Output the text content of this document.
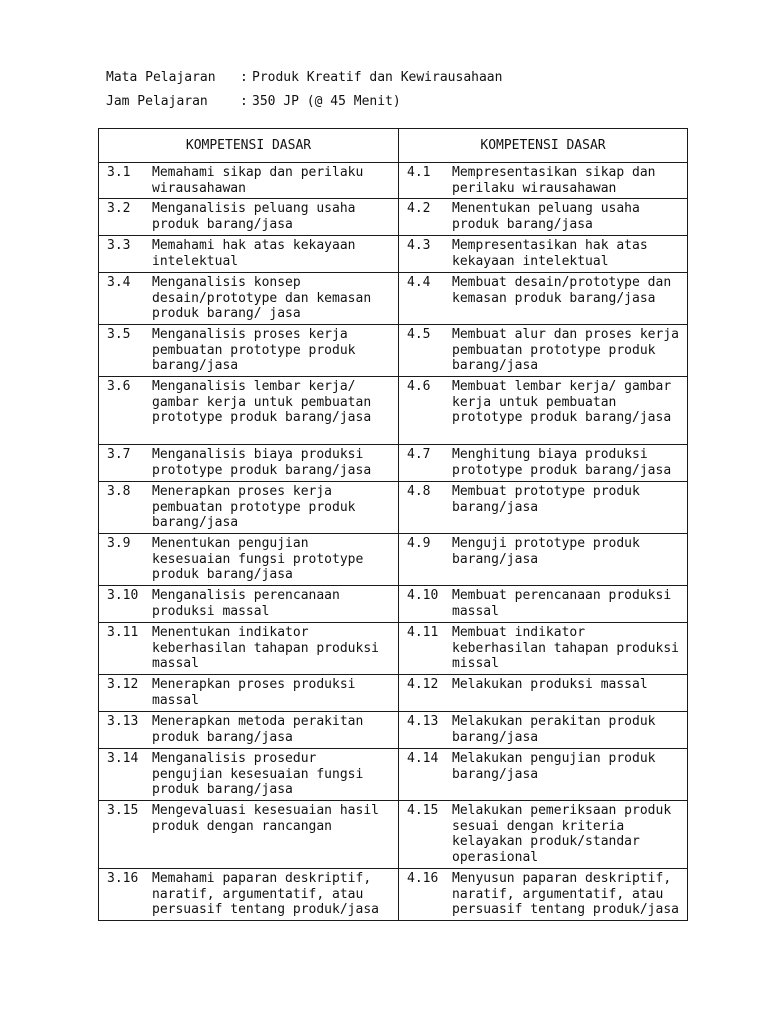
Mata Pelajaran	: Produk Kreatif dan Kewirausahaan
Jam Pelajaran	: 350 JP (@ 45 Menit)
KOMPETENSI DASAR	KOMPETENSI DASAR

3.1 Memahami sikap dan perilaku wirausahawan	4.1 Mempresentasikan sikap dan perilaku wirausahawan

3.2 Menganalisis peluang usaha produk barang/jasa	4.2 Menentukan peluang usaha produk barang/jasa

3.3 Memahami hak atas kekayaan intelektual	4.3 Mempresentasikan hak atas kekayaan intelektual

3.4 Menganalisis konsep desain/prototype dan kemasan produk barang/ jasa	4.4 Membuat desain/prototype dan kemasan produk barang/jasa

3.5 Menganalisis proses kerja pembuatan prototype produk barang/jasa	4.5 Membuat alur dan proses kerja pembuatan prototype produk barang/jasa

3.6 Menganalisis lembar kerja/ gambar kerja untuk pembuatan prototype produk barang/jasa	4.6 Membuat lembar kerja/ gambar kerja untuk pembuatan prototype produk barang/jasa

3.7 Menganalisis biaya produksi prototype produk barang/jasa	4.7 Menghitung biaya produksi prototype produk barang/jasa

3.8 Menerapkan proses kerja pembuatan prototype produk barang/jasa	4.8 Membuat prototype produk barang/jasa

3.9 Menentukan pengujian kesesuaian fungsi prototype produk barang/jasa	4.9 Menguji prototype produk barang/jasa

3.10 Menganalisis perencanaan produksi massal	4.10 Membuat perencanaan produksi massal

3.11 Menentukan indikator keberhasilan tahapan produksi massal	4.11 Membuat indikator keberhasilan tahapan produksi missal

3.12 Menerapkan proses produksi massal	4.12 Melakukan produksi massal

3.13 Menerapkan metoda perakitan produk barang/jasa	4.13 Melakukan perakitan produk barang/jasa

3.14 Menganalisis prosedur pengujian kesesuaian fungsi produk barang/jasa	4.14 Melakukan pengujian produk barang/jasa

3.15 Mengevaluasi kesesuaian hasil produk dengan rancangan	4.15 Melakukan pemeriksaan produk sesuai dengan kriteria kelayakan produk/standar operasional

3.16 Memahami paparan deskriptif, naratif, argumentatif, atau persuasif tentang produk/jasa	4.16 Menyusun paparan deskriptif, naratif, argumentatif, atau persuasif tentang produk/jasa
